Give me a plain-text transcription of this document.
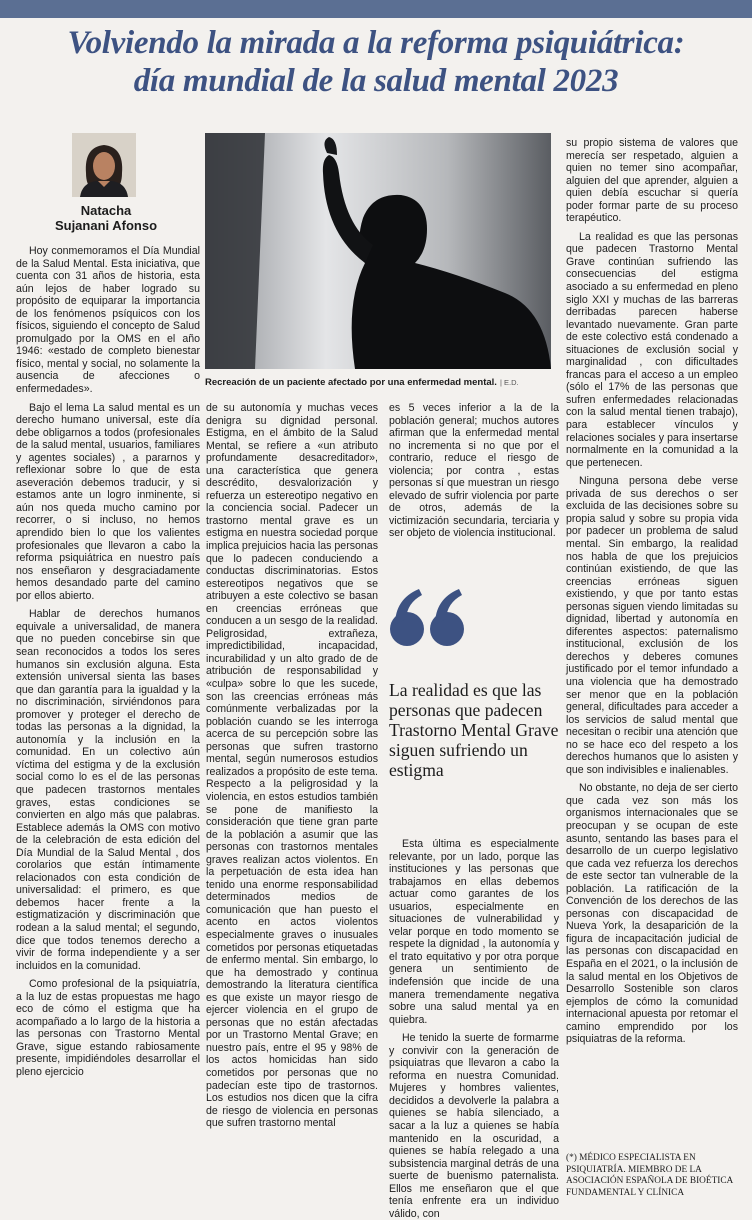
Volviendo la mirada a la reforma psiquiátrica:
día mundial de la salud mental 2023
Natacha
Sujanani Afonso
Recreación de un paciente afectado por una enfermedad mental. | E.D.

Hoy conmemoramos el Día Mundial de la Salud Mental. Esta iniciativa, que cuenta con 31 años de historia, esta aún lejos de haber logrado su propósito de equiparar la importancia de los fenómenos psíquicos con los físicos, siguiendo el concepto de Salud promulgado por la OMS en el año 1946: «estado de completo bienestar físico, mental y social, no solamente la ausencia de afecciones o enfermedades».

Bajo el lema La salud mental es un derecho humano universal, este día debe obligarnos a todos (profesionales de la salud mental, usuarios, familiares y agentes sociales) , a pararnos y reflexionar sobre lo que de esta aseveración debemos traducir, y si estamos ante un logro inminente, si aún nos queda mucho camino por recorrer, o si incluso, no hemos aprendido bien lo que los valientes profesionales que llevaron a cabo la reforma psiquiátrica en nuestro país nos enseñaron y desgraciadamente hemos desandado parte del camino por ellos abierto.

Hablar de derechos humanos equivale a universalidad, de manera que no pueden concebirse sin que sean reconocidos a todos los seres humanos sin exclusión alguna. Esta extensión universal sienta las bases que dan garantía para la igualdad y la no discriminación, sirviéndonos para promover y proteger el derecho de todas las personas a la dignidad, la autonomía y la inclusión en la comunidad. En un colectivo aún víctima del estigma y de la exclusión social como lo es el de las personas que padecen trastornos mentales graves, estas condiciones se convierten en algo más que palabras. Establece además la OMS con motivo de la celebración de esta edición del Día Mundial de la Salud Mental , dos corolarios que están íntimamente relacionados con esta condición de universalidad: el primero, es que debemos hacer frente a la estigmatización y discriminación que rodean a la salud mental; el segundo, dice que todos tenemos derecho a vivir de forma independiente y a ser incluidos en la comunidad.

Como profesional de la psiquiatría, a la luz de estas propuestas me hago eco de cómo el estigma que ha acompañado a lo largo de la historia a las personas con Trastorno Mental Grave, sigue estando rabiosamente presente, impidiéndoles desarrollar el pleno ejercicio

de su autonomía y muchas veces denigra su dignidad personal. Estigma, en el ámbito de la Salud Mental, se refiere a «un atributo profundamente desacreditador», una característica que genera descrédito, desvalorización y refuerza un estereotipo negativo en la conciencia social. Padecer un trastorno mental grave es un estigma en nuestra sociedad porque implica prejuicios hacia las personas que lo padecen conduciendo a conductas discriminatorias. Estos estereotipos negativos que se atribuyen a este colectivo se basan en creencias erróneas que conducen a un sesgo de la realidad. Peligrosidad, extrañeza, impredictibilidad, incapacidad, incurabilidad y un alto grado de de atribución de responsabilidad y «culpa» sobre lo que les sucede, son las creencias erróneas más comúnmente verbalizadas por la población cuando se les interroga acerca de su percepción sobre las personas que sufren trastorno mental, según numerosos estudios realizados a propósito de este tema. Respecto a la peligrosidad y la violencia, en estos estudios también se pone de manifiesto la consideración que tiene gran parte de la población a asumir que las personas con trastornos mentales graves realizan actos violentos. En la perpetuación de esta idea han tenido una enorme responsabilidad determinados medios de comunicación que han puesto el acento en actos violentos especialmente graves o inusuales cometidos por personas etiquetadas de enfermo mental. Sin embargo, lo que ha demostrado y continua demostrando la literatura científica es que existe un mayor riesgo de ejercer violencia en el grupo de personas que no están afectadas por un Trastorno Mental Grave; en nuestro país, entre el 95 y 98% de los actos homicidas han sido cometidos por personas que no padecían este tipo de trastornos. Los estudios nos dicen que la cifra de riesgo de violencia en personas que sufren trastorno mental

es 5 veces inferior a la de la población general; muchos autores afirman que la enfermedad mental no incrementa si no que por el contrario, reduce el riesgo de violencia; por contra , estas personas sí que muestran un riesgo elevado de sufrir violencia por parte de otros, además de la victimización secundaria, terciaria y ser objeto de violencia institucional.

La realidad es que las personas que padecen Trastorno Mental Grave siguen sufriendo un estigma

Esta última es especialmente relevante, por un lado, porque las instituciones y las personas que trabajamos en ellas debemos actuar como garantes de los usuarios, especialmente en situaciones de vulnerabilidad y velar porque en todo momento se respete la dignidad , la autonomía y el trato equitativo y por otra porque genera un sentimiento de indefensión que incide de una manera tremendamente negativa sobre una salud mental ya en quiebra.

He tenido la suerte de formarme y convivir con la generación de psiquiatras que llevaron a cabo la reforma en nuestra Comunidad. Mujeres y hombres valientes, decididos a devolverle la palabra a quienes se había silenciado, a sacar a la luz a quienes se había mantenido en la oscuridad, a quienes se había relegado a una subsistencia marginal detrás de una suerte de buenismo paternalista. Ellos me enseñaron que el que tenía enfrente era un individuo válido, con

su propio sistema de valores que merecía ser respetado, alguien a quien no temer sino acompañar, alguien del que aprender, alguien a quien debía escuchar si quería poder formar parte de su proceso terapéutico.

La realidad es que las personas que padecen Trastorno Mental Grave continúan sufriendo las consecuencias del estigma asociado a su enfermedad en pleno siglo XXI y muchas de las barreras derribadas parecen haberse levantado nuevamente. Gran parte de este colectivo está condenado a situaciones de exclusión social y marginalidad , con dificultades francas para el acceso a un empleo (sólo el 17% de las personas que sufren enfermedades relacionadas con la salud mental tienen trabajo), para establecer vínculos y relaciones sociales y para insertarse normalmente en la comunidad a la que pertenecen.

Ninguna persona debe verse privada de sus derechos o ser excluida de las decisiones sobre su propia salud y sobre su propia vida por padecer un problema de salud mental. Sin embargo, la realidad nos habla de que los prejuicios continúan existiendo, de que las creencias erróneas siguen existiendo, y que por tanto estas personas siguen viendo limitadas su dignidad, libertad y autonomía en diferentes aspectos: paternalismo institucional, exclusión de los derechos y deberes comunes justificado por el temor infundado a una violencia que ha demostrado ser menor que en la población general, dificultades para acceder a los servicios de salud mental que necesitan o recibir una atención que no se hace eco del respeto a los derechos humanos que lo asisten y que son indivisibles e inalienables.

No obstante, no deja de ser cierto que cada vez son más los organismos internacionales que se preocupan y se ocupan de este asunto, sentando las bases para el desarrollo de un cuerpo legislativo que cada vez refuerza los derechos de este sector tan vulnerable de la población. La ratificación de la Convención de los derechos de las personas con discapacidad de Nueva York, la desaparición de la figura de incapacitación judicial de las personas con discapacidad en España en el 2021, o la inclusión de la salud mental en los Objetivos de Desarrollo Sostenible son claros ejemplos de cómo la comunidad internacional apuesta por retomar el camino emprendido por los psiquiatras de la reforma.

(*) MÉDICO ESPECIALISTA EN PSIQUIATRÍA. MIEMBRO DE LA ASOCIACIÓN ESPAÑOLA DE BIOÉTICA FUNDAMENTAL Y CLÍNICA
